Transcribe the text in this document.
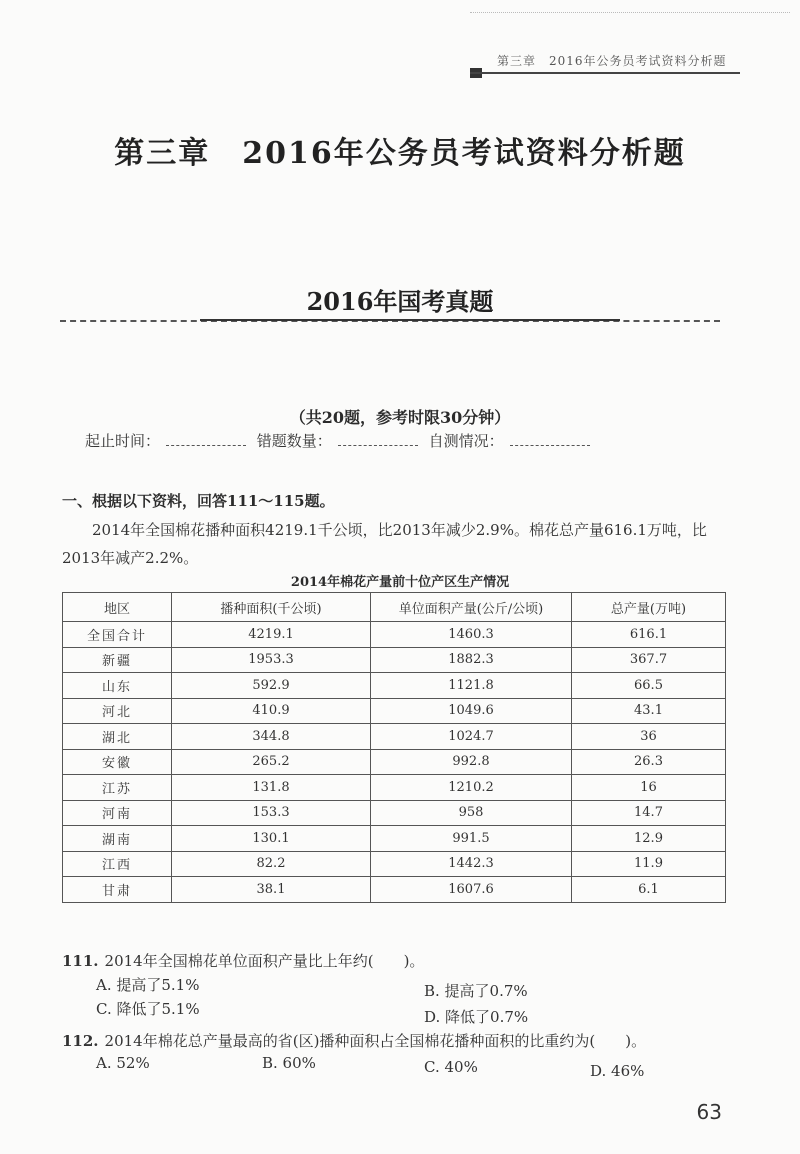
第三章　2016年公务员考试资料分析题
第三章　2016年公务员考试资料分析题
2016年国考真题
（共20题，参考时限30分钟）
起止时间：	错题数量：	自测情况：
一、根据以下资料，回答111～115题。
2014年全国棉花播种面积4219.1千公顷，比2013年减少2.9%。棉花总产量616.1万吨，比2013年减产2.2%。
2014年棉花产量前十位产区生产情况
地区	播种面积(千公顷)	单位面积产量(公斤/公顷)	总产量(万吨)
全国合计	4219.1	1460.3	616.1
新疆	1953.3	1882.3	367.7
山东	592.9	1121.8	66.5
河北	410.9	1049.6	43.1
湖北	344.8	1024.7	36
安徽	265.2	992.8	26.3
江苏	131.8	1210.2	16
河南	153.3	958	14.7
湖南	130.1	991.5	12.9
江西	82.2	1442.3	11.9
甘肃	38.1	1607.6	6.1
111. 2014年全国棉花单位面积产量比上年约(　　)。
A. 提高了5.1%	B. 提高了0.7%
C. 降低了5.1%	D. 降低了0.7%
112. 2014年棉花总产量最高的省(区)播种面积占全国棉花播种面积的比重约为(　　)。
A. 52%	B. 60%	C. 40%	D. 46%
63
